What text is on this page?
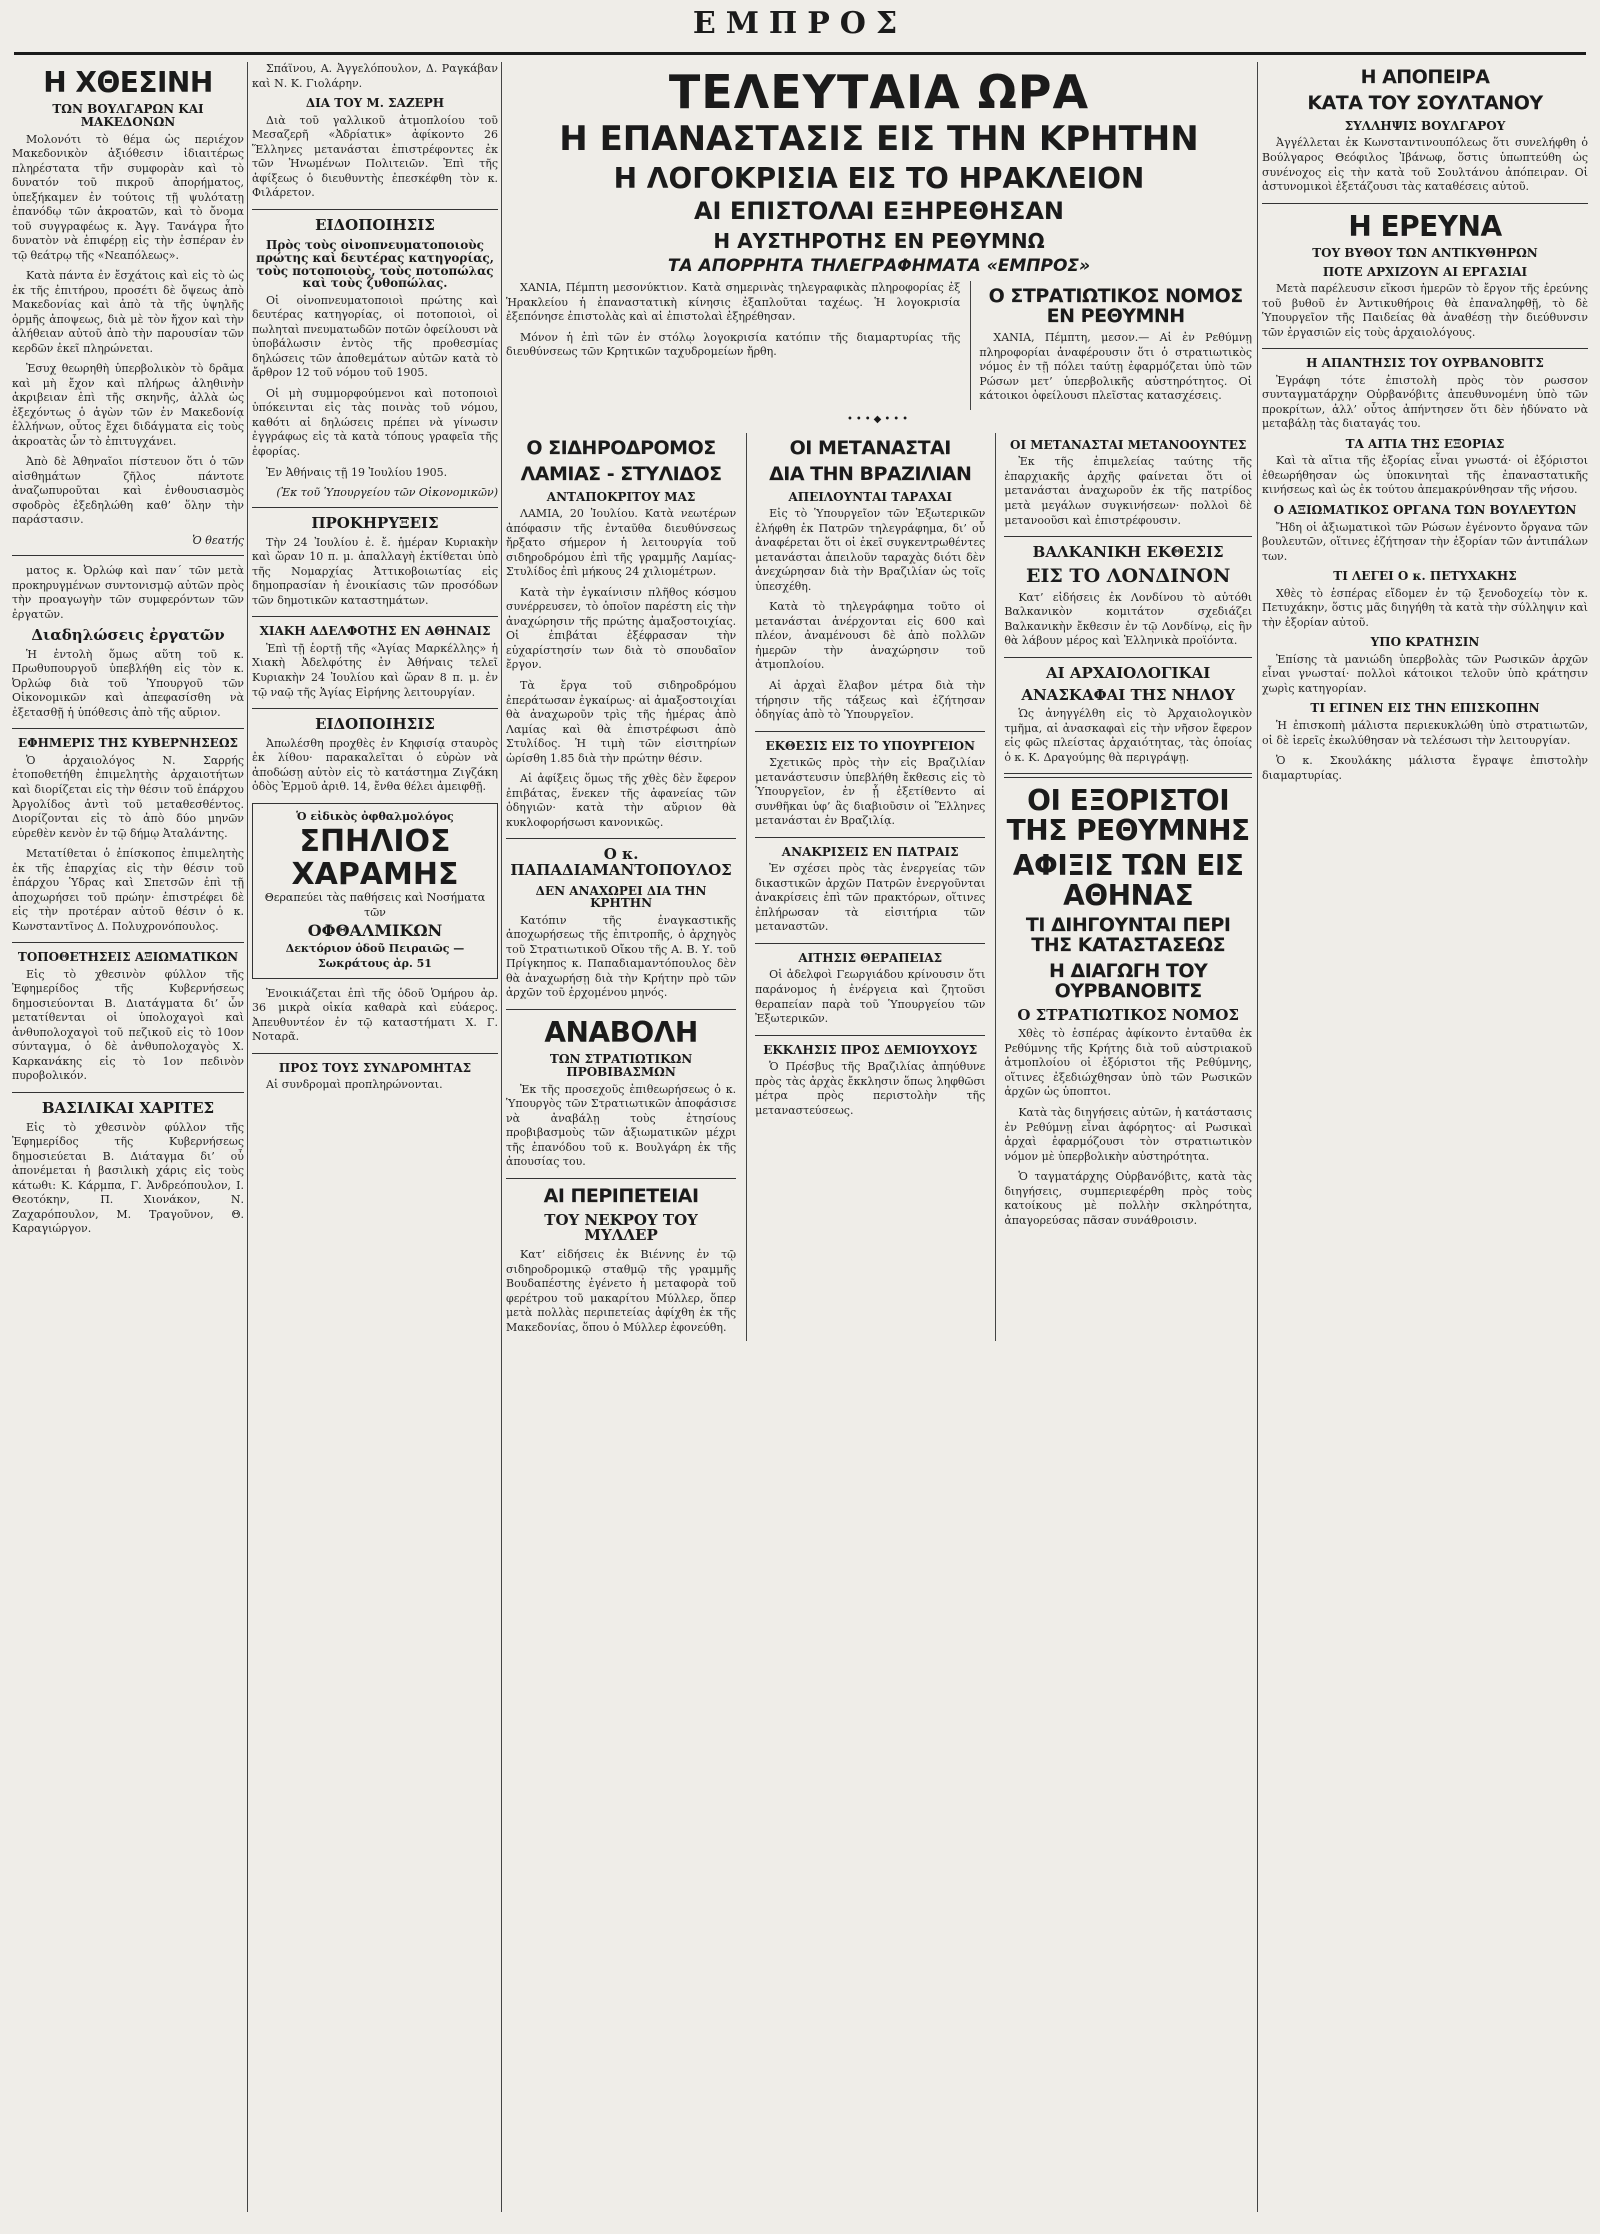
ΕΜΠΡΟΣ
Η ΧΘΕΣΙΝΗ
ΤΩΝ ΒΟΥΛΓΑΡΩΝ ΚΑΙ ΜΑΚΕΔΟΝΩΝ

Μολονότι τὸ θέμα ὡς περιέχον Μακεδονικὸν ἀξιόθεσιν ἱδιαιτέρως πληρέστατα τῆν συμφορὰν καὶ τὸ δυνατόν τοῦ πικροῦ ἀπορήματος, ὑπεξήκαμεν ἐν τούτοις τῇ ψυλότατῃ ἐπανόδῳ τῶν ἀκροατῶν, καὶ τὸ ὄνομα τοῦ συγγραφέως κ. Ἀγγ. Τανάγρα ἦτο δυνατὸν νὰ ἐπιφέρῃ εἰς τὴν ἑσπέραν ἐν τῷ θεάτρῳ τῆς «Νεαπόλεως».

Κατὰ πάντα ἐν ἔσχάτοις καὶ εἰς τὸ ὡς ἐκ τῆς ἐπιτήρου, προσέτι δὲ ὄψεως ἀπὸ Μακεδονίας καὶ ἀπὸ τὰ τῆς ὑψηλῆς ὁρμῆς ἀποψεως, διὰ μὲ τὸν ἤχον καὶ τὴν ἀλήθειαν αὐτοῦ ἀπὸ τὴν παρουσίαν τῶν κερδῶν ἐκεῖ πληρώνεται.

Ἐσυχ θεωρηθὴ ὑπερβολικὸν τὸ δρᾶμα καὶ μὴ ἔχον καὶ πλήρως ἀληθινὴν ἀκριβειαν ἐπὶ τῆς σκηνῆς, ἀλλὰ ὡς ἐξεχόντως ὁ ἀγὼν τῶν ἐν Μακεδονίᾳ ἑλλήνων, οὗτος ἔχει διδάγματα εἰς τοὺς ἀκροατὰς ὧν τὸ ἐπιτυγχάνει.

Ἀπὸ δὲ Ἀθηναῖοι πίστευον ὅτι ὁ τῶν αἰσθημάτων ζῆλος πάντοτε ἀναζωπυροῦται καὶ ἐνθουσιασμὸς σφοδρὸς ἐξεδηλώθη καθ’ ὅλην τὴν παράστασιν.

Ὁ θεατής

ματος κ. Ὀρλώφ καὶ παν΄ τῶν μετὰ προκηρυγμένων συντονισμῷ αὐτῶν πρὸς τὴν προαγωγὴν τῶν συμφερόντων τῶν ἐργατῶν.

Διαδηλώσεις ἐργατῶν

Ἡ ἐντολὴ ὅμως αὕτη τοῦ κ. Πρωθυπουργοῦ ὑπεβλήθη εἰς τὸν κ. Ὀρλώφ διὰ τοῦ Ὑπουργοῦ τῶν Οἰκονομικῶν καὶ ἀπεφασίσθη νὰ ἐξετασθῇ ἡ ὑπόθεσις ἀπὸ τῆς αὔριον.

ΕΦΗΜΕΡΙΣ ΤΗΣ ΚΥΒΕΡΝΗΣΕΩΣ

Ὁ ἀρχαιολόγος Ν. Σαρρής ἐτοποθετήθη ἐπιμελητὴς ἀρχαιοτήτων καὶ διορίζεται εἰς τὴν θέσιν τοῦ ἐπάρχου Ἀργολίδος ἀντὶ τοῦ μεταθεσθέντος. Διορίζονται εἰς τὸ ἀπὸ δύο μηνῶν εὑρεθὲν κενὸν ἐν τῷ δήμῳ Ἀταλάντης.

Μετατίθεται ὁ ἐπίσκοπος ἐπιμελητὴς ἐκ τῆς ἐπαρχίας εἰς τὴν θέσιν τοῦ ἐπάρχου Ὑδρας καὶ Σπετσῶν ἐπὶ τῇ ἀποχωρήσει τοῦ πρώην· ἐπιστρέφει δὲ εἰς τὴν προτέραν αὐτοῦ θέσιν ὁ κ. Κωνσταντῖνος Δ. Πολυχρονόπουλος.

ΤΟΠΟΘΕΤΗΣΕΙΣ ΑΞΙΩΜΑΤΙΚΩΝ

Εἰς τὸ χθεσινὸν φύλλον τῆς Ἐφημερίδος τῆς Κυβερνήσεως δημοσιεύονται Β. Διατάγματα δι’ ὧν μετατίθενται οἱ ὑπολοχαγοὶ καὶ ἀνθυπολοχαγοὶ τοῦ πεζικοῦ εἰς τὸ 10ον σύνταγμα, ὁ δὲ ἀνθυπολοχαγὸς Χ. Καρκανάκης εἰς τὸ 1ον πεδινὸν πυροβολικόν.

ΒΑΣΙΛΙΚΑΙ ΧΑΡΙΤΕΣ

Εἰς τὸ χθεσινὸν φύλλον τῆς Ἐφημερίδος τῆς Κυβερνήσεως δημοσιεύεται Β. Διάταγμα δι’ οὗ ἀπονέμεται ἡ βασιλικὴ χάρις εἰς τοὺς κάτωθι: Κ. Κάρμπα, Γ. Ἀνδρεόπουλον, Ι. Θεοτόκην, Π. Χιονάκον, Ν. Ζαχαρόπουλον, Μ. Τραγοῦνον, Θ. Καραγιώργον.

Σπάϊνου, Α. Ἀγγελόπουλον, Δ. Ραγκάβαν καὶ Ν. Κ. Γιολάρην.

ΔΙΑ ΤΟΥ Μ. ΣΑΖΕΡΗ

Διὰ τοῦ γαλλικοῦ ἀτμοπλοίου τοῦ Μεσαζερῆ «Ἀδρίατικ» ἀφίκοντο 26 Ἕλληνες μετανάσται ἐπιστρέφοντες ἐκ τῶν Ἡνωμένων Πολιτειῶν. Ἐπὶ τῆς ἀφίξεως ὁ διευθυντὴς ἐπεσκέφθη τὸν κ. Φιλάρετον.

ΕΙΔΟΠΟΙΗΣΙΣ
Πρὸς τοὺς οἰνοπνευματοποιοὺς πρώτης καὶ δευτέρας κατηγορίας, τοὺς ποτοποιοὺς, τοὺς ποτοπώλας καὶ τοὺς ζυθοπώλας.

Οἱ οἰνοπνευματοποιοὶ πρώτης καὶ δευτέρας κατηγορίας, οἱ ποτοποιοὶ, οἱ πωληταὶ πνευματωδῶν ποτῶν ὀφείλουσι νὰ ὑποβάλωσιν ἐντὸς τῆς προθεσμίας δηλώσεις τῶν ἀποθεμάτων αὐτῶν κατὰ τὸ ἄρθρον 12 τοῦ νόμου τοῦ 1905.

Οἱ μὴ συμμορφούμενοι καὶ ποτοποιοὶ ὑπόκεινται εἰς τὰς ποινὰς τοῦ νόμου, καθότι αἱ δηλώσεις πρέπει νὰ γίνωσιν ἐγγράφως εἰς τὰ κατὰ τόπους γραφεῖα τῆς ἐφορίας.

Ἐν Ἀθήναις τῇ 19 Ἰουλίου 1905.

(Ἐκ τοῦ Ὑπουργείου τῶν Οἰκονομικῶν)
ΠΡΟΚΗΡΥΞΕΙΣ

Τὴν 24 Ἰουλίου ἐ. ἔ. ἡμέραν Κυριακὴν καὶ ὥραν 10 π. μ. ἀπαλλαγὴ ἐκτίθεται ὑπὸ τῆς Νομαρχίας Ἀττικοβοιωτίας εἰς δημοπρασίαν ἡ ἐνοικίασις τῶν προσόδων τῶν δημοτικῶν καταστημάτων.

ΧΙΑΚΗ ΑΔΕΛΦΟΤΗΣ ΕΝ ΑΘΗΝΑΙΣ

Ἐπὶ τῇ ἑορτῇ τῆς «Ἁγίας Μαρκέλλης» ἡ Χιακὴ Ἀδελφότης ἐν Ἀθήναις τελεῖ Κυριακὴν 24 Ἰουλίου καὶ ὥραν 8 π. μ. ἐν τῷ ναῷ τῆς Ἁγίας Εἰρήνης λειτουργίαν.

ΕΙΔΟΠΟΙΗΣΙΣ

Ἀπωλέσθη προχθὲς ἐν Κηφισίᾳ σταυρὸς ἐκ λίθου· παρακαλεῖται ὁ εὑρὼν νὰ ἀποδώσῃ αὐτὸν εἰς τὸ κατάστημα Ζιγζάκη ὁδὸς Ἑρμοῦ ἀριθ. 14, ἔνθα θέλει ἀμειφθῇ.

Ὁ εἰδικὸς ὀφθαλμολόγος
ΣΠΗΛΙΟΣ
ΧΑΡΑΜΗΣ
Θεραπεύει τὰς παθήσεις καὶ Νοσήματα τῶν
ΟΦΘΑΛΜΙΚΩΝ
Δεκτόριον ὁδοῦ Πειραιῶς — Σωκράτους ἀρ. 51

Ἐνοικιάζεται ἐπὶ τῆς ὁδοῦ Ὁμήρου ἀρ. 36 μικρὰ οἰκία καθαρὰ καὶ εὐάερος. Ἀπευθυντέον ἐν τῷ καταστήματι Χ. Γ. Νοταρᾶ.

ΠΡΟΣ ΤΟΥΣ ΣΥΝΔΡΟΜΗΤΑΣ

Αἱ συνδρομαὶ προπληρώνονται.

ΤΕΛΕΥΤΑΙΑ ΩΡΑ
Η ΕΠΑΝΑΣΤΑΣΙΣ ΕΙΣ ΤΗΝ ΚΡΗΤΗΝ
Η ΛΟΓΟΚΡΙΣΙΑ ΕΙΣ ΤΟ ΗΡΑΚΛΕΙΟΝ
ΑΙ ΕΠΙΣΤΟΛΑΙ ΕΞΗΡΕΘΗΣΑΝ
Η ΑΥΣΤΗΡΟΤΗΣ ΕΝ ΡΕΘΥΜΝΩ
ΤΑ ΑΠΟΡΡΗΤΑ ΤΗΛΕΓΡΑΦΗΜΑΤΑ «ΕΜΠΡΟΣ»

ΧΑΝΙΑ, Πέμπτη μεσονύκτιον. Κατὰ σημερινὰς τηλεγραφικὰς πληροφορίας ἐξ Ἡρακλείου ἡ ἐπαναστατικὴ κίνησις ἐξαπλοῦται ταχέως. Ἡ λογοκρισία ἐξεπόνησε ἐπιστολὰς καὶ αἱ ἐπιστολαὶ ἐξηρέθησαν.

Μόνον ἡ ἐπὶ τῶν ἐν στόλῳ λογοκρισία κατόπιν τῆς διαμαρτυρίας τῆς διευθύνσεως τῶν Κρητικῶν ταχυδρομείων ἤρθη.

Ο ΣΤΡΑΤΙΩΤΙΚΟΣ ΝΟΜΟΣ ΕΝ ΡΕΘΥΜΝΗ

ΧΑΝΙΑ, Πέμπτη, μεσον.— Αἱ ἐν Ρεθύμνῃ πληροφορίαι ἀναφέρουσιν ὅτι ὁ στρατιωτικὸς νόμος ἐν τῇ πόλει ταύτῃ ἐφαρμόζεται ὑπὸ τῶν Ρώσων μετ’ ὑπερβολικῆς αὐστηρότητος. Οἱ κάτοικοι ὀφείλουσι πλεῖστας κατασχέσεις.

•••◆•••
Ο ΣΙΔΗΡΟΔΡΟΜΟΣ
ΛΑΜΙΑΣ - ΣΤΥΛΙΔΟΣ
ΑΝΤΑΠΟΚΡΙΤΟΥ ΜΑΣ

ΛΑΜΙΑ, 20 Ἰουλίου. Κατὰ νεωτέρων ἀπόφασιν τῆς ἐνταῦθα διευθύνσεως ἤρξατο σήμερον ἡ λειτουργία τοῦ σιδηροδρόμου ἐπὶ τῆς γραμμῆς Λαμίας-Στυλίδος ἐπὶ μήκους 24 χιλιομέτρων.

Κατὰ τὴν ἐγκαίνισιν πλῆθος κόσμου συνέρρευσεν, τὸ ὁποῖον παρέστη εἰς τὴν ἀναχώρησιν τῆς πρώτης ἀμαξοστοιχίας. Οἱ ἐπιβάται ἐξέφρασαν τὴν εὐχαρίστησίν των διὰ τὸ σπουδαῖον ἔργον.

Τὰ ἔργα τοῦ σιδηροδρόμου ἐπεράτωσαν ἐγκαίρως· αἱ ἀμαξοστοιχίαι θὰ ἀναχωροῦν τρὶς τῆς ἡμέρας ἀπὸ Λαμίας καὶ θὰ ἐπιστρέφωσι ἀπὸ Στυλίδος. Ἡ τιμὴ τῶν εἰσιτηρίων ὡρίσθη 1.85 διὰ τὴν πρώτην θέσιν.

Αἱ ἀφίξεις ὅμως τῆς χθὲς δὲν ἔφερον ἐπιβάτας, ἕνεκεν τῆς ἀφανείας τῶν ὁδηγιῶν· κατὰ τὴν αὔριον θὰ κυκλοφορήσωσι κανονικῶς.

Ο κ. ΠΑΠΑΔΙΑΜΑΝΤΟΠΟΥΛΟΣ
ΔΕΝ ΑΝΑΧΩΡΕΙ ΔΙΑ ΤΗΝ ΚΡΗΤΗΝ

Κατόπιν τῆς ἐναγκαστικῆς ἀποχωρήσεως τῆς ἐπιτροπῆς, ὁ ἀρχηγὸς τοῦ Στρατιωτικοῦ Οἴκου τῆς Α. Β. Υ. τοῦ Πρίγκηπος κ. Παπαδιαμαντόπουλος δὲν θὰ ἀναχωρήσῃ διὰ τὴν Κρήτην πρὸ τῶν ἀρχῶν τοῦ ἐρχομένου μηνός.

ΑΝΑΒΟΛΗ
ΤΩΝ ΣΤΡΑΤΙΩΤΙΚΩΝ ΠΡΟΒΙΒΑΣΜΩΝ

Ἐκ τῆς προσεχοῦς ἐπιθεωρήσεως ὁ κ. Ὑπουργὸς τῶν Στρατιωτικῶν ἀποφάσισε νὰ ἀναβάλῃ τοὺς ἐτησίους προβιβασμοὺς τῶν ἀξιωματικῶν μέχρι τῆς ἐπανόδου τοῦ κ. Βουλγάρη ἐκ τῆς ἀπουσίας του.

ΑΙ ΠΕΡΙΠΕΤΕΙΑΙ
ΤΟΥ ΝΕΚΡΟΥ ΤΟΥ ΜΥΛΛΕΡ

Κατ’ εἰδήσεις ἐκ Βιέννης ἐν τῷ σιδηροδρομικῷ σταθμῷ τῆς γραμμῆς Βουδαπέστης ἐγένετο ἡ μεταφορὰ τοῦ φερέτρου τοῦ μακαρίτου Μύλλερ, ὅπερ μετὰ πολλὰς περιπετείας ἀφίχθη ἐκ τῆς Μακεδονίας, ὅπου ὁ Μύλλερ ἐφονεύθη.

ΟΙ ΜΕΤΑΝΑΣΤΑΙ
ΔΙΑ ΤΗΝ ΒΡΑΖΙΛΙΑΝ
ΑΠΕΙΛΟΥΝΤΑΙ ΤΑΡΑΧΑΙ

Εἰς τὸ Ὑπουργεῖον τῶν Ἐξωτερικῶν ἐλήφθη ἐκ Πατρῶν τηλεγράφημα, δι’ οὗ ἀναφέρεται ὅτι οἱ ἐκεῖ συγκεντρωθέντες μετανάσται ἀπειλοῦν ταραχὰς διότι δὲν ἀνεχώρησαν διὰ τὴν Βραζιλίαν ὡς τοῖς ὑπεσχέθη.

Κατὰ τὸ τηλεγράφημα τοῦτο οἱ μετανάσται ἀνέρχονται εἰς 600 καὶ πλέον, ἀναμένουσι δὲ ἀπὸ πολλῶν ἡμερῶν τὴν ἀναχώρησιν τοῦ ἀτμοπλοίου.

Αἱ ἀρχαὶ ἔλαβον μέτρα διὰ τὴν τήρησιν τῆς τάξεως καὶ ἐζήτησαν ὁδηγίας ἀπὸ τὸ Ὑπουργεῖον.

ΕΚΘΕΣΙΣ ΕΙΣ ΤΟ ΥΠΟΥΡΓΕΙΟΝ

Σχετικῶς πρὸς τὴν εἰς Βραζιλίαν μετανάστευσιν ὑπεβλήθη ἔκθεσις εἰς τὸ Ὑπουργεῖον, ἐν ᾗ ἐξετίθεντο αἱ συνθῆκαι ὑφ’ ἃς διαβιοῦσιν οἱ Ἕλληνες μετανάσται ἐν Βραζιλίᾳ.

ΑΝΑΚΡΙΣΕΙΣ ΕΝ ΠΑΤΡΑΙΣ

Ἐν σχέσει πρὸς τὰς ἐνεργείας τῶν δικαστικῶν ἀρχῶν Πατρῶν ἐνεργοῦνται ἀνακρίσεις ἐπὶ τῶν πρακτόρων, οἵτινες ἐπλήρωσαν τὰ εἰσιτήρια τῶν μεταναστῶν.

ΑΙΤΗΣΙΣ ΘΕΡΑΠΕΙΑΣ

Οἱ ἀδελφοὶ Γεωργιάδου κρίνουσιν ὅτι παράνομος ἡ ἐνέργεια καὶ ζητοῦσι θεραπείαν παρὰ τοῦ Ὑπουργείου τῶν Ἐξωτερικῶν.

ΕΚΚΛΗΣΙΣ ΠΡΟΣ ΔΕΜΙΟΥΧΟΥΣ

Ὁ Πρέσβυς τῆς Βραζιλίας ἀπηύθυνε πρὸς τὰς ἀρχὰς ἔκκλησιν ὅπως ληφθῶσι μέτρα πρὸς περιστολὴν τῆς μεταναστεύσεως.

ΟΙ ΜΕΤΑΝΑΣΤΑΙ ΜΕΤΑΝΟΟΥΝΤΕΣ

Ἐκ τῆς ἐπιμελείας ταύτης τῆς ἐπαρχιακῆς ἀρχῆς φαίνεται ὅτι οἱ μετανάσται ἀναχωροῦν ἐκ τῆς πατρίδος μετὰ μεγάλων συγκινήσεων· πολλοὶ δὲ μετανοοῦσι καὶ ἐπιστρέφουσιν.

ΒΑΛΚΑΝΙΚΗ ΕΚΘΕΣΙΣ
ΕΙΣ ΤΟ ΛΟΝΔΙΝΟΝ

Κατ’ εἰδήσεις ἐκ Λονδίνου τὸ αὐτόθι Βαλκανικὸν κομιτάτον σχεδιάζει Βαλκανικὴν ἔκθεσιν ἐν τῷ Λονδίνῳ, εἰς ἣν θὰ λάβουν μέρος καὶ Ἑλληνικὰ προϊόντα.

ΑΙ ΑΡΧΑΙΟΛΟΓΙΚΑΙ
ΑΝΑΣΚΑΦΑΙ ΤΗΣ ΝΗΛΟΥ

Ὡς ἀνηγγέλθη εἰς τὸ Ἀρχαιολογικὸν τμῆμα, αἱ ἀνασκαφαὶ εἰς τὴν νῆσον ἔφερον εἰς φῶς πλείστας ἀρχαιότητας, τὰς ὁποίας ὁ κ. Κ. Δραγούμης θὰ περιγράψῃ.

ΟΙ ΕΞΟΡΙΣΤΟΙ ΤΗΣ ΡΕΘΥΜΝΗΣ
ΑΦΙΞΙΣ ΤΩΝ ΕΙΣ ΑΘΗΝΑΣ
ΤΙ ΔΙΗΓΟΥΝΤΑΙ ΠΕΡΙ ΤΗΣ ΚΑΤΑΣΤΑΣΕΩΣ
Η ΔΙΑΓΩΓΗ ΤΟΥ ΟΥΡΒΑΝΟΒΙΤΣ
Ο ΣΤΡΑΤΙΩΤΙΚΟΣ ΝΟΜΟΣ

Χθὲς τὸ ἑσπέρας ἀφίκοντο ἐνταῦθα ἐκ Ρεθύμνης τῆς Κρήτης διὰ τοῦ αὐστριακοῦ ἀτμοπλοίου οἱ ἐξόριστοι τῆς Ρεθύμνης, οἵτινες ἐξεδιώχθησαν ὑπὸ τῶν Ρωσικῶν ἀρχῶν ὡς ὑποπτοι.

Κατὰ τὰς διηγήσεις αὐτῶν, ἡ κατάστασις ἐν Ρεθύμνῃ εἶναι ἀφόρητος· αἱ Ρωσικαὶ ἀρχαὶ ἐφαρμόζουσι τὸν στρατιωτικὸν νόμον μὲ ὑπερβολικὴν αὐστηρότητα.

Ὁ ταγματάρχης Οὐρβανόβιτς, κατὰ τὰς διηγήσεις, συμπεριεφέρθη πρὸς τοὺς κατοίκους μὲ πολλὴν σκληρότητα, ἀπαγορεύσας πᾶσαν συνάθροισιν.

Η ΑΠΟΠΕΙΡΑ
ΚΑΤΑ ΤΟΥ ΣΟΥΛΤΑΝΟΥ
ΣΥΛΛΗΨΙΣ ΒΟΥΛΓΑΡΟΥ

Ἀγγέλλεται ἐκ Κωνσταντινουπόλεως ὅτι συνελήφθη ὁ Βούλγαρος Θεόφιλος Ἰβάνωφ, ὅστις ὑπωπτεύθη ὡς συνένοχος εἰς τὴν κατὰ τοῦ Σουλτάνου ἀπόπειραν. Οἱ ἀστυνομικοὶ ἐξετάζουσι τὰς καταθέσεις αὐτοῦ.

Η ΕΡΕΥΝΑ
ΤΟΥ ΒΥΘΟΥ ΤΩΝ ΑΝΤΙΚΥΘΗΡΩΝ
ΠΟΤΕ ΑΡΧΙΖΟΥΝ ΑΙ ΕΡΓΑΣΙΑΙ

Μετὰ παρέλευσιν εἴκοσι ἡμερῶν τὸ ἔργον τῆς ἐρεύνης τοῦ βυθοῦ ἐν Ἀντικυθήροις θὰ ἐπαναληφθῇ, τὸ δὲ Ὑπουργεῖον τῆς Παιδείας θὰ ἀναθέσῃ τὴν διεύθυνσιν τῶν ἐργασιῶν εἰς τοὺς ἀρχαιολόγους.

Η ΑΠΑΝΤΗΣΙΣ ΤΟΥ ΟΥΡΒΑΝΟΒΙΤΣ

Ἐγράφη τότε ἐπιστολὴ πρὸς τὸν ρωσσον συνταγματάρχην Οὐρβανόβιτς ἀπευθυνομένη ὑπὸ τῶν προκρίτων, ἀλλ’ οὗτος ἀπήντησεν ὅτι δὲν ἠδύνατο νὰ μεταβάλῃ τὰς διαταγάς του.

ΤΑ ΑΙΤΙΑ ΤΗΣ ΕΞΟΡΙΑΣ

Καὶ τὰ αἴτια τῆς ἐξορίας εἶναι γνωστά· οἱ ἐξόριστοι ἐθεωρήθησαν ὡς ὑποκινηταὶ τῆς ἐπαναστατικῆς κινήσεως καὶ ὡς ἐκ τούτου ἀπεμακρύνθησαν τῆς νήσου.

Ο ΑΞΙΩΜΑΤΙΚΟΣ ΟΡΓΑΝΑ ΤΩΝ ΒΟΥΛΕΥΤΩΝ

Ἤδη οἱ ἀξιωματικοὶ τῶν Ρώσων ἐγένοντο ὄργανα τῶν βουλευτῶν, οἵτινες ἐζήτησαν τὴν ἐξορίαν τῶν ἀντιπάλων των.

ΤΙ ΛΕΓΕΙ Ο κ. ΠΕΤΥΧΑΚΗΣ

Χθὲς τὸ ἑσπέρας εἴδομεν ἐν τῷ ξενοδοχείῳ τὸν κ. Πετυχάκην, ὅστις μᾶς διηγήθη τὰ κατὰ τὴν σύλληψιν καὶ τὴν ἐξορίαν αὐτοῦ.

ΥΠΟ ΚΡΑΤΗΣΙΝ

Ἐπίσης τὰ μανιώδη ὑπερβολὰς τῶν Ρωσικῶν ἀρχῶν εἶναι γνωσταί· πολλοὶ κάτοικοι τελοῦν ὑπὸ κράτησιν χωρὶς κατηγορίαν.

ΤΙ ΕΓΙΝΕΝ ΕΙΣ ΤΗΝ ΕΠΙΣΚΟΠΗΝ

Ἡ ἐπισκοπὴ μάλιστα περιεκυκλώθη ὑπὸ στρατιωτῶν, οἱ δὲ ἱερεῖς ἐκωλύθησαν νὰ τελέσωσι τὴν λειτουργίαν.

Ὁ κ. Σκουλάκης μάλιστα ἔγραψε ἐπιστολὴν διαμαρτυρίας.
